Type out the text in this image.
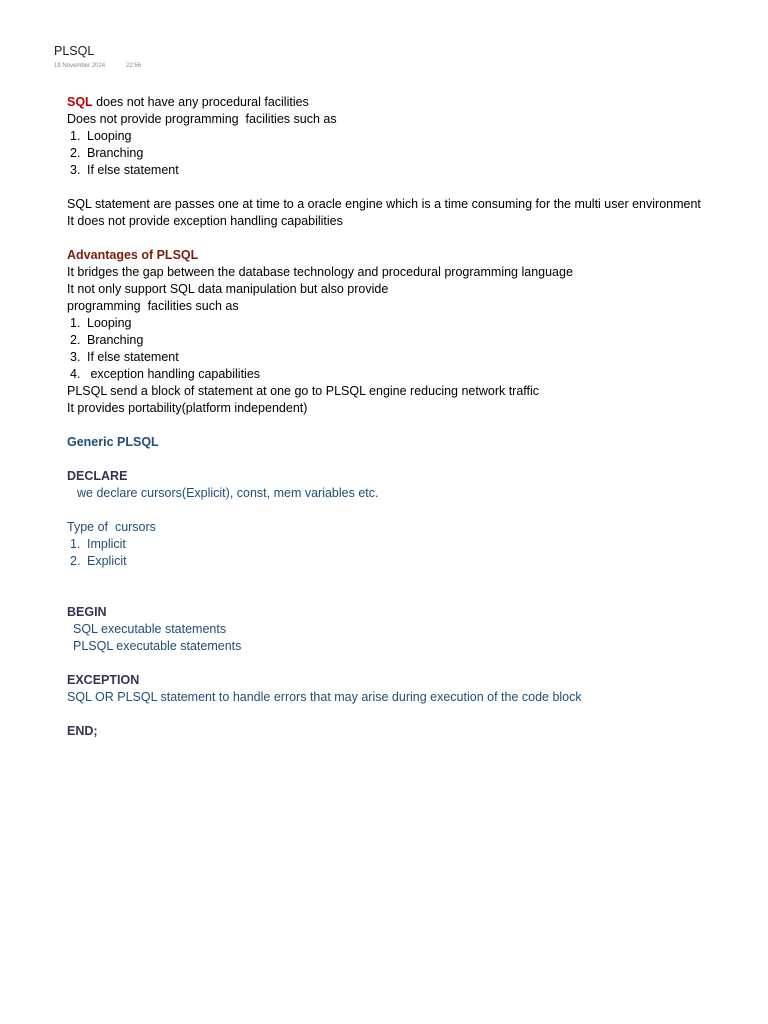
PLSQL
19 November 2024	22:56
SQL does not have any procedural facilities
Does not provide programming  facilities such as
1. Looping
2. Branching
3. If else statement
SQL statement are passes one at time to a oracle engine which is a time consuming for the multi user environment
It does not provide exception handling capabilities
Advantages of PLSQL
It bridges the gap between the database technology and procedural programming language
It not only support SQL data manipulation but also provide
programming  facilities such as
1. Looping
2. Branching
3. If else statement
4. exception handling capabilities
PLSQL send a block of statement at one go to PLSQL engine reducing network traffic
It provides portability(platform independent)
Generic PLSQL
DECLARE
we declare cursors(Explicit), const, mem variables etc.
Type of  cursors
1. Implicit
2. Explicit
BEGIN
SQL executable statements
PLSQL executable statements
EXCEPTION
SQL OR PLSQL statement to handle errors that may arise during execution of the code block
END;
